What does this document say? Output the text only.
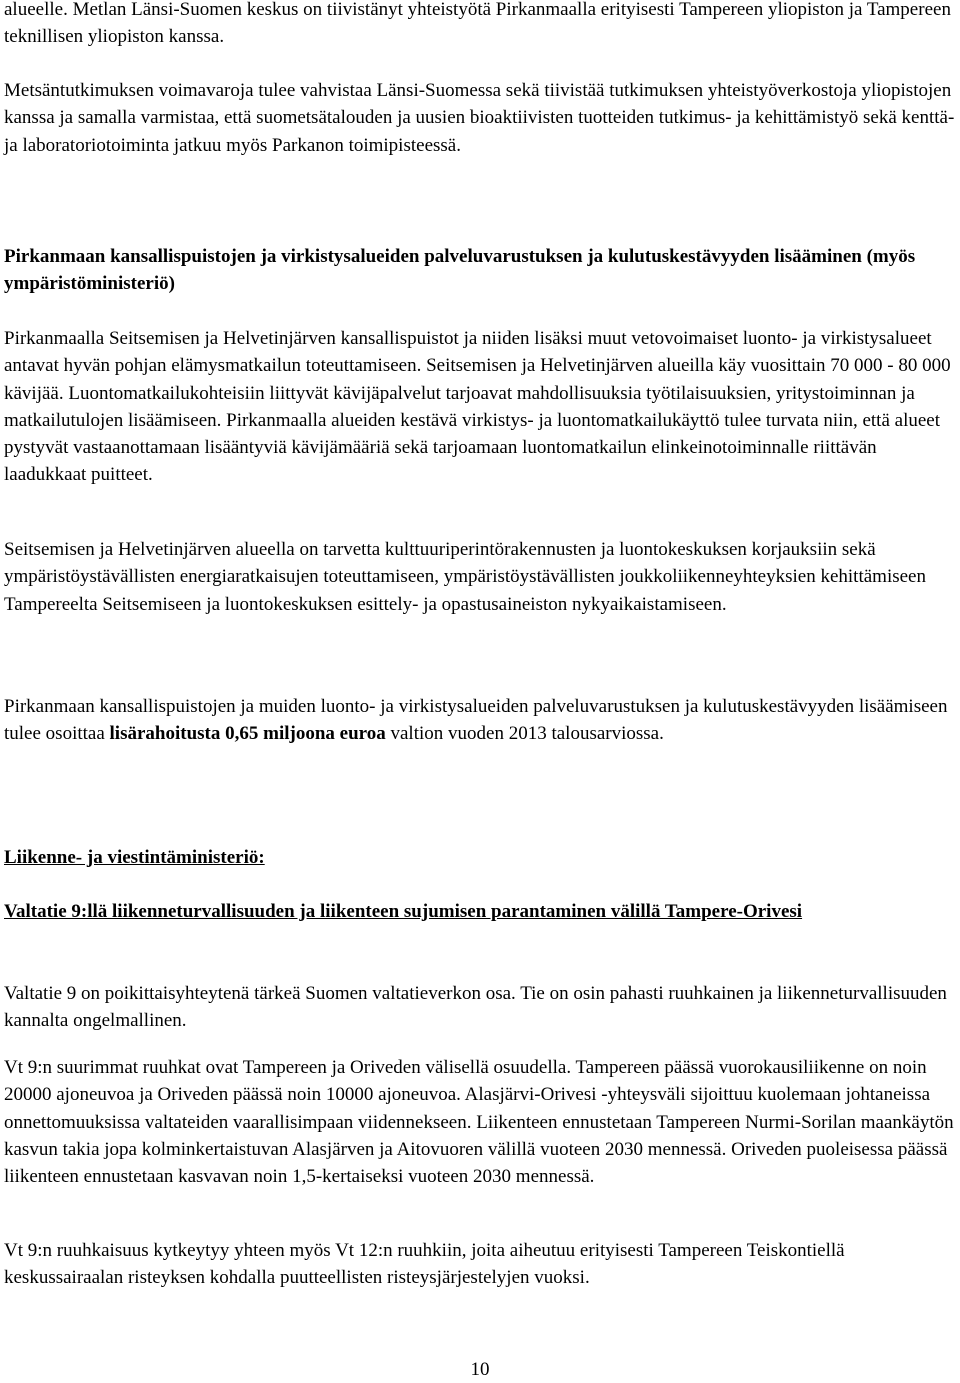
alueelle. Metlan Länsi-Suomen keskus on tiivistänyt yhteistyötä Pirkanmaalla erityisesti Tampereen yliopiston ja Tampereen teknillisen yliopiston kanssa.

Metsäntutkimuksen voimavaroja tulee vahvistaa Länsi-Suomessa sekä tiivistää tutkimuksen yhteistyöverkostoja yliopistojen kanssa ja samalla varmistaa, että suometsätalouden ja uusien bioaktiivisten tuotteiden tutkimus- ja kehittämistyö sekä kenttä- ja laboratoriotoiminta jatkuu myös Parkanon toimipisteessä.

Pirkanmaan kansallispuistojen ja virkistysalueiden palveluvarustuksen ja kulutuskestävyyden lisääminen (myös ympäristöministeriö)

Pirkanmaalla Seitsemisen ja Helvetinjärven kansallispuistot ja niiden lisäksi muut vetovoimaiset luonto- ja virkistysalueet antavat hyvän pohjan elämysmatkailun toteuttamiseen. Seitsemisen ja Helvetinjärven alueilla käy vuosittain 70 000 - 80 000 kävijää. Luontomatkailukohteisiin liittyvät kävijäpalvelut tarjoavat mahdollisuuksia työtilaisuuksien, yritystoiminnan ja matkailutulojen lisäämiseen. Pirkanmaalla alueiden kestävä virkistys- ja luontomatkailukäyttö tulee turvata niin, että alueet pystyvät vastaanottamaan lisääntyviä kävijämääriä sekä tarjoamaan luontomatkailun elinkeinotoiminnalle riittävän laadukkaat puitteet.

Seitsemisen ja Helvetinjärven alueella on tarvetta kulttuuriperintörakennusten ja luontokeskuksen korjauksiin sekä ympäristöystävällisten energiaratkaisujen toteuttamiseen, ympäristöystävällisten joukkoliikenneyhteyksien kehittämiseen Tampereelta Seitsemiseen ja luontokeskuksen esittely- ja opastusaineiston nykyaikaistamiseen.

Pirkanmaan kansallispuistojen ja muiden luonto- ja virkistysalueiden palveluvarustuksen ja kulutuskestävyyden lisäämiseen tulee osoittaa lisärahoitusta 0,65 miljoona euroa valtion vuoden 2013 talousarviossa.

Liikenne- ja viestintäministeriö:

Valtatie 9:llä liikenneturvallisuuden ja liikenteen sujumisen parantaminen välillä Tampere-Orivesi

Valtatie 9 on poikittaisyhteytenä tärkeä Suomen valtatieverkon osa. Tie on osin pahasti ruuhkainen ja liikenneturvallisuuden kannalta ongelmallinen.

Vt 9:n suurimmat ruuhkat ovat Tampereen ja Oriveden välisellä osuudella. Tampereen päässä vuorokausiliikenne on noin 20000 ajoneuvoa ja Oriveden päässä noin 10000 ajoneuvoa. Alasjärvi-Orivesi -yhteysväli sijoittuu kuolemaan johtaneissa onnettomuuksissa valtateiden vaarallisimpaan viidennekseen. Liikenteen ennustetaan Tampereen Nurmi-Sorilan maankäytön kasvun takia jopa kolminkertaistuvan Alasjärven ja Aitovuoren välillä vuoteen 2030 mennessä. Oriveden puoleisessa päässä liikenteen ennustetaan kasvavan noin 1,5-kertaiseksi vuoteen 2030 mennessä.

Vt 9:n ruuhkaisuus kytkeytyy yhteen myös Vt 12:n ruuhkiin, joita aiheutuu erityisesti Tampereen Teiskontiellä keskussairaalan risteyksen kohdalla puutteellisten risteysjärjestelyjen vuoksi.

10
